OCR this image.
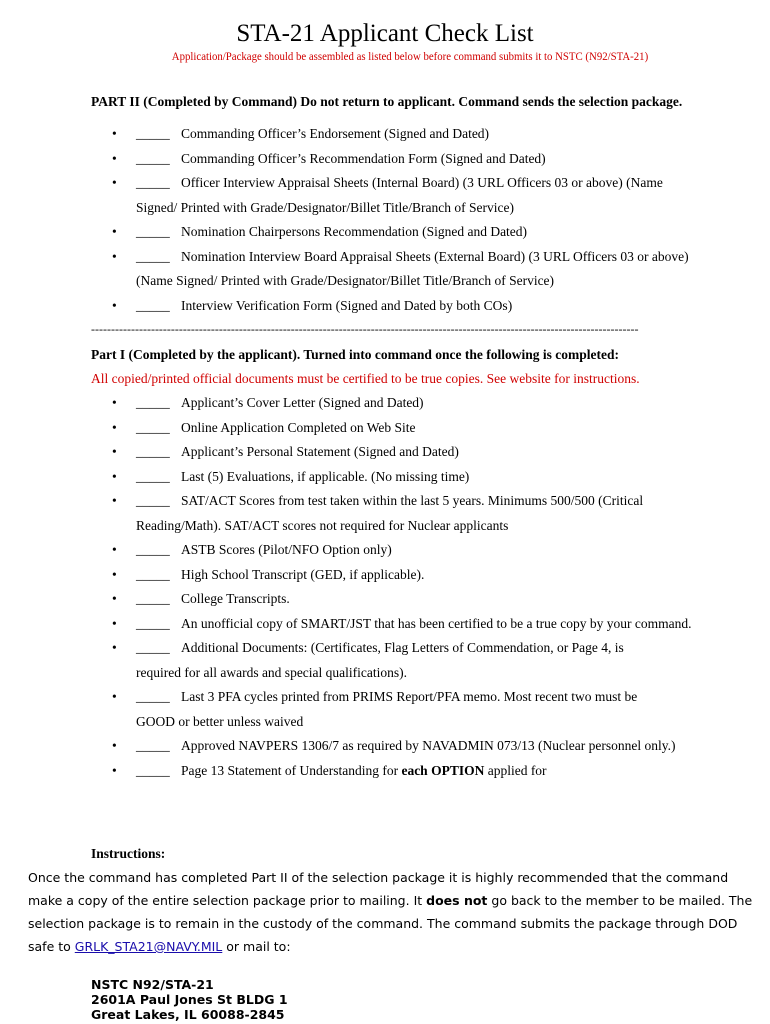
STA-21 Applicant Check List
Application/Package should be assembled as listed below before command submits it to NSTC (N92/STA-21)
PART II (Completed by Command) Do not return to applicant. Command sends the selection package.
• _____ Commanding Officer’s Endorsement (Signed and Dated)
• _____ Commanding Officer’s Recommendation Form (Signed and Dated)
• _____ Officer Interview Appraisal Sheets (Internal Board) (3 URL Officers 03 or above) (Name
Signed/ Printed with Grade/Designator/Billet Title/Branch of Service)
• _____ Nomination Chairpersons Recommendation (Signed and Dated)
• _____ Nomination Interview Board Appraisal Sheets (External Board) (3 URL Officers 03 or above)
(Name Signed/ Printed with Grade/Designator/Billet Title/Branch of Service)
• _____ Interview Verification Form (Signed and Dated by both COs)
-----------------------------------------------------------------------------------------------------------------------------------------
Part I (Completed by the applicant). Turned into command once the following is completed:
All copied/printed official documents must be certified to be true copies. See website for instructions.
• _____ Applicant’s Cover Letter (Signed and Dated)
• _____ Online Application Completed on Web Site
• _____ Applicant’s Personal Statement (Signed and Dated)
• _____ Last (5) Evaluations, if applicable. (No missing time)
• _____ SAT/ACT Scores from test taken within the last 5 years. Minimums 500/500 (Critical
Reading/Math). SAT/ACT scores not required for Nuclear applicants
• _____ ASTB Scores (Pilot/NFO Option only)
• _____ High School Transcript (GED, if applicable).
• _____ College Transcripts.
• _____ An unofficial copy of SMART/JST that has been certified to be a true copy by your command.
• _____ Additional Documents: (Certificates, Flag Letters of Commendation, or Page 4, is
required for all awards and special qualifications).
• _____ Last 3 PFA cycles printed from PRIMS Report/PFA memo. Most recent two must be
GOOD or better unless waived
• _____ Approved NAVPERS 1306/7 as required by NAVADMIN 073/13 (Nuclear personnel only.)
• _____ Page 13 Statement of Understanding for each OPTION applied for
Instructions:
Once the command has completed Part II of the selection package it is highly recommended that the command make a copy of the entire selection package prior to mailing. It does not go back to the member to be mailed. The selection package is to remain in the custody of the command. The command submits the package through DOD safe to GRLK_STA21@NAVY.MIL or mail to:
NSTC N92/STA-21
2601A Paul Jones St BLDG 1
Great Lakes, IL 60088-2845
